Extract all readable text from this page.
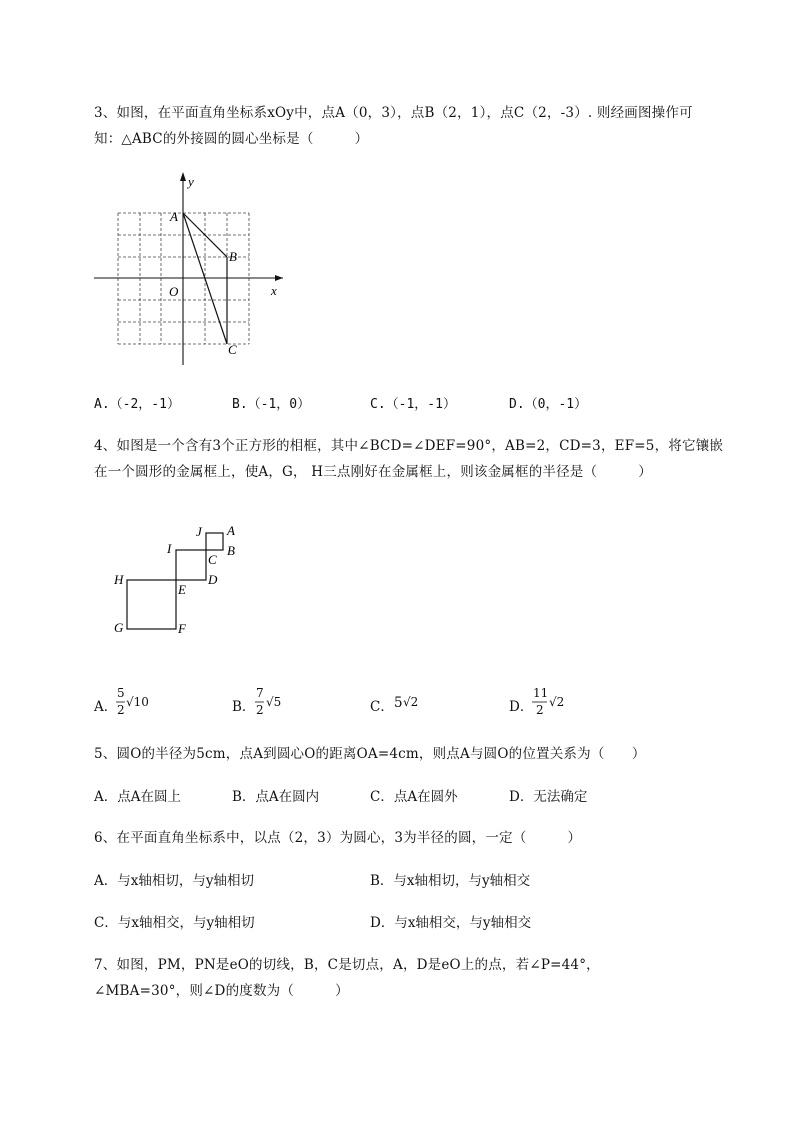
3、如图，在平面直角坐标系xOy中，点A（0，3），点B（2，1），点C（2，-3）. 则经画图操作可
知：△ABC的外接圆的圆心坐标是（　　　）
y
x
O
A
B
C
A.（-2，-1）	B.（-1，0）	C.（-1，-1）	D.（0，-1）
4、如图是一个含有3个正方形的相框，其中∠BCD=∠DEF=90°，AB=2，CD=3，EF=5，将它镶嵌
在一个圆形的金属框上，使A，G， H三点刚好在金属框上，则该金属框的半径是（　　　）
J A
B
C
I
D
H
E
G	F
A．
5
2
√10	B．
7
2
√5	C． 5 √2	D．
11
2
√2
5、圆O的半径为5cm，点A到圆心O的距离OA=4cm，则点A与圆O的位置关系为（　　）
A．点A在圆上	B．点A在圆内	C．点A在圆外	D．无法确定
6、在平面直角坐标系中，以点（2，3）为圆心，3为半径的圆，一定（　　　）
A．与x轴相切，与y轴相切	B．与x轴相切，与y轴相交
C．与x轴相交，与y轴相切	D．与x轴相交，与y轴相交
7、如图，PM，PN是eO的切线，B，C是切点，A，D是eO上的点，若∠P=44°，
∠MBA=30°，则∠D的度数为（　　　）
